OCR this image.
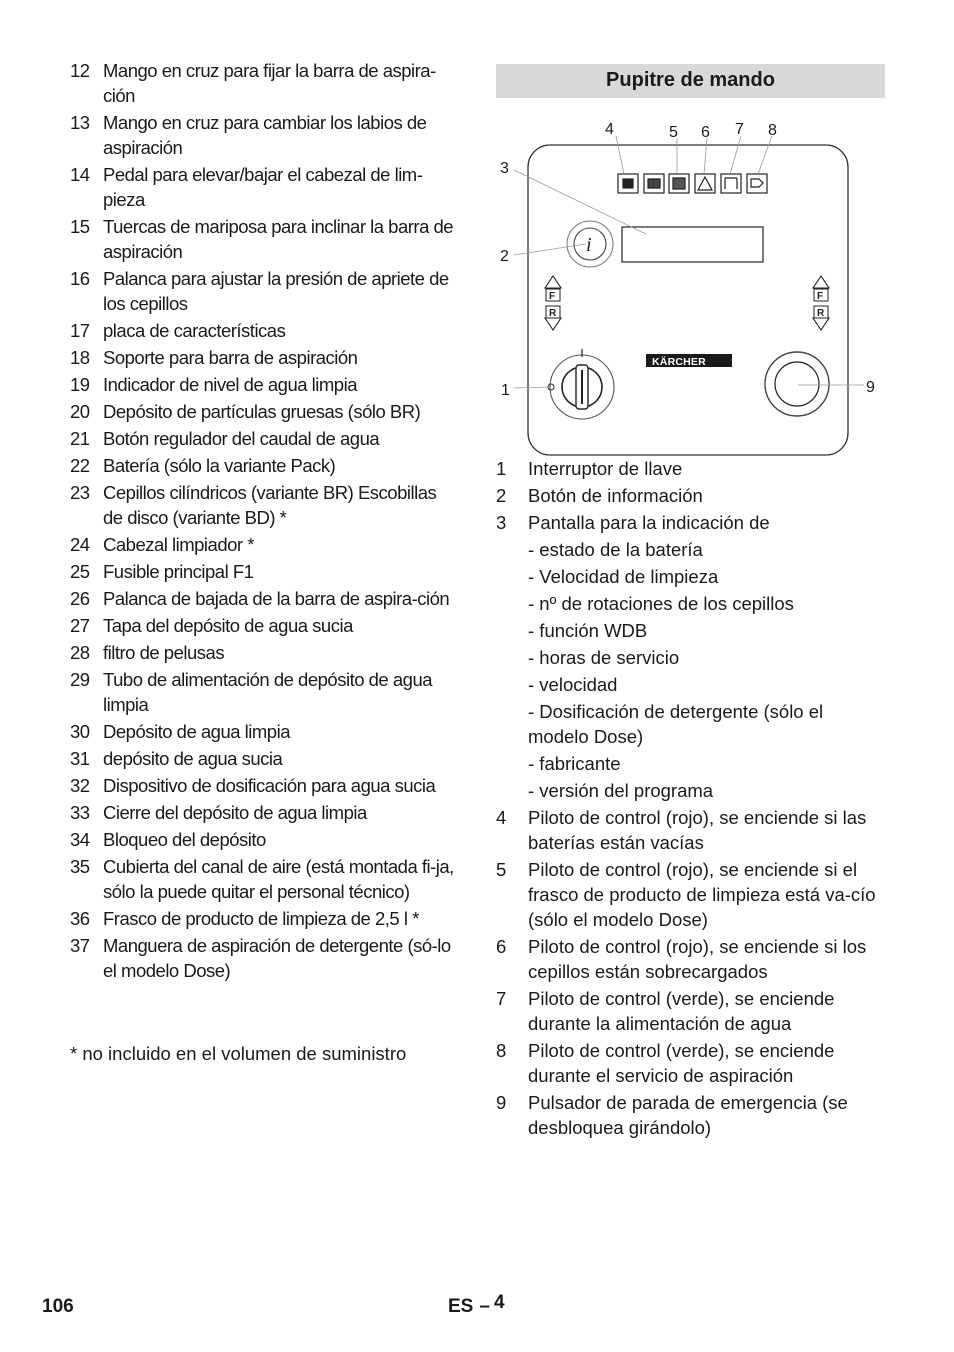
12 Mango en cruz para fijar la barra de aspira-ción
13 Mango en cruz para cambiar los labios de aspiración
14 Pedal para elevar/bajar el cabezal de lim-pieza
15 Tuercas de mariposa para inclinar la barra de aspiración
16 Palanca para ajustar la presión de apriete de los cepillos
17 placa de características
18 Soporte para barra de aspiración
19 Indicador de nivel de agua limpia
20 Depósito de partículas gruesas (sólo BR)
21 Botón regulador del caudal de agua
22 Batería (sólo la variante Pack)
23 Cepillos cilíndricos (variante BR) Escobillas de disco (variante BD) *
24 Cabezal limpiador *
25 Fusible principal F1
26 Palanca de bajada de la barra de aspira-ción
27 Tapa del depósito de agua sucia
28 filtro de pelusas
29 Tubo de alimentación de depósito de agua limpia
30 Depósito de agua limpia
31 depósito de agua sucia
32 Dispositivo de dosificación para agua sucia
33 Cierre del depósito de agua limpia
34 Bloqueo del depósito
35 Cubierta del canal de aire (está montada fi-ja, sólo la puede quitar el personal técnico)
36 Frasco de producto de limpieza de 2,5 l *
37 Manguera de aspiración de detergente (só-lo el modelo Dose)
* no incluido en el volumen de suministro
Pupitre de mando
i
F
R
F
R
KÄRCHER
1
2
3
4	5 6 7 8
9
1	Interruptor de llave
2	Botón de información
3	Pantalla para la indicación de
- estado de la batería
- Velocidad de limpieza
- nº de rotaciones de los cepillos
- función WDB
- horas de servicio
- velocidad
- Dosificación de detergente (sólo el modelo Dose)
- fabricante
- versión del programa
4	Piloto de control (rojo), se enciende si las baterías están vacías
5	Piloto de control (rojo), se enciende si el frasco de producto de limpieza está va-cío (sólo el modelo Dose)
6	Piloto de control (rojo), se enciende si los cepillos están sobrecargados
7	Piloto de control (verde), se enciende durante la alimentación de agua
8	Piloto de control (verde), se enciende durante el servicio de aspiración
9	Pulsador de parada de emergencia (se desbloquea girándolo)
106	ES – 4
